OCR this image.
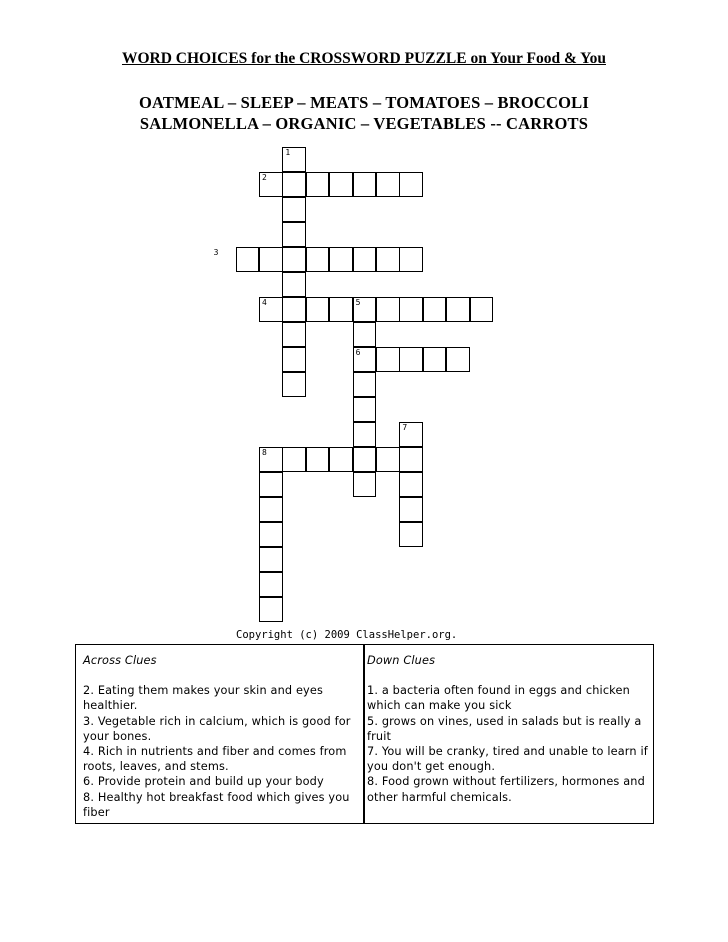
WORD CHOICES for the CROSSWORD PUZZLE on Your Food & You
OATMEAL – SLEEP – MEATS – TOMATOES – BROCCOLI
SALMONELLA – ORGANIC – VEGETABLES -- CARROTS
1
2
3
4	5
6
7
8
Copyright (c) 2009 ClassHelper.org.
Across Clues

2. Eating them makes your skin and eyes healthier.

3. Vegetable rich in calcium, which is good for your bones.

4. Rich in nutrients and fiber and comes from roots, leaves, and stems.

6. Provide protein and build up your body

8. Healthy hot breakfast food which gives you fiber

Down Clues

1. a bacteria often found in eggs and chicken which can make you sick

5. grows on vines, used in salads but is really a fruit

7. You will be cranky, tired and unable to learn if you don't get enough.

8. Food grown without fertilizers, hormones and other harmful chemicals.
